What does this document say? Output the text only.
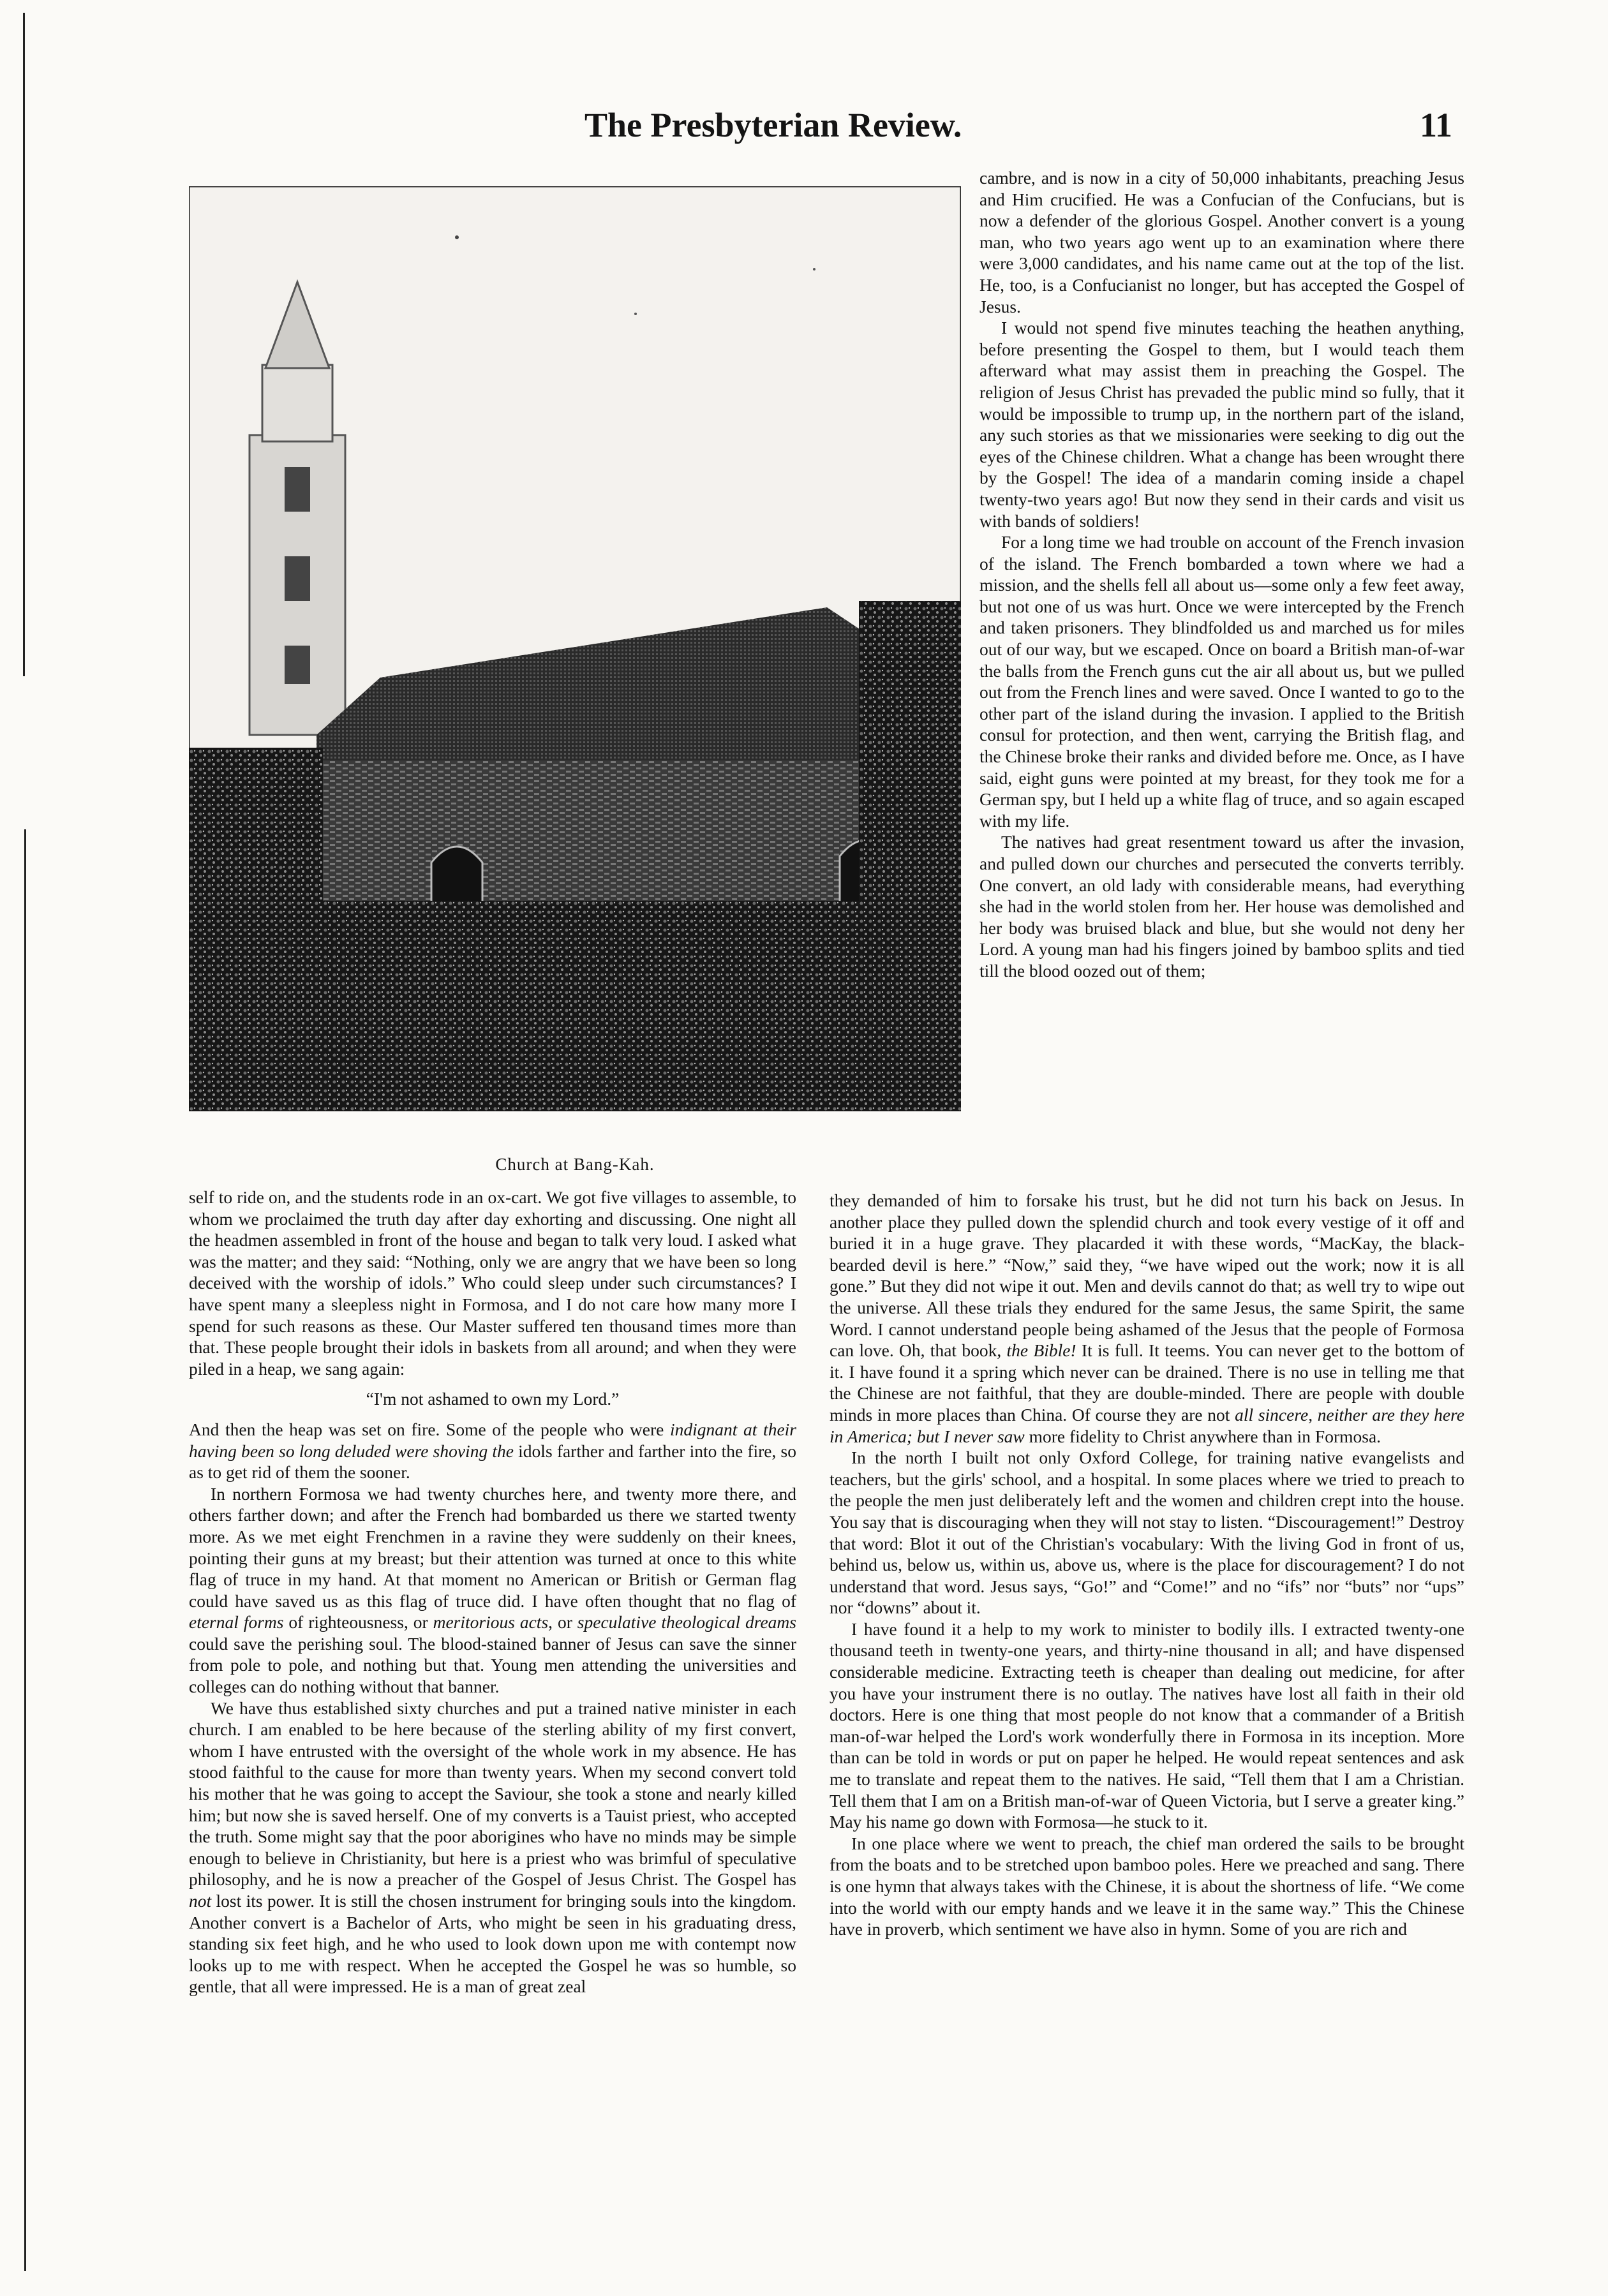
The Presbyterian Review.	11
Church at Bang-Kah.

cambre, and is now in a city of 50,000 inhabitants, preaching Jesus and Him crucified. He was a Confucian of the Confucians, but is now a defender of the glorious Gospel. Another convert is a young man, who two years ago went up to an examination where there were 3,000 candidates, and his name came out at the top of the list. He, too, is a Confucianist no longer, but has accepted the Gospel of Jesus.

I would not spend five minutes teaching the heathen anything, before presenting the Gospel to them, but I would teach them afterward what may assist them in preaching the Gospel. The religion of Jesus Christ has prevaded the public mind so fully, that it would be impossible to trump up, in the northern part of the island, any such stories as that we missionaries were seeking to dig out the eyes of the Chinese children. What a change has been wrought there by the Gospel! The idea of a mandarin coming inside a chapel twenty-two years ago! But now they send in their cards and visit us with bands of soldiers!

For a long time we had trouble on account of the French invasion of the island. The French bombarded a town where we had a mission, and the shells fell all about us—some only a few feet away, but not one of us was hurt. Once we were intercepted by the French and taken prisoners. They blindfolded us and marched us for miles out of our way, but we escaped. Once on board a British man-of-war the balls from the French guns cut the air all about us, but we pulled out from the French lines and were saved. Once I wanted to go to the other part of the island during the invasion. I applied to the British consul for protection, and then went, carrying the British flag, and the Chinese broke their ranks and divided before me. Once, as I have said, eight guns were pointed at my breast, for they took me for a German spy, but I held up a white flag of truce, and so again escaped with my life.

The natives had great resentment toward us after the invasion, and pulled down our churches and persecuted the converts terribly. One convert, an old lady with considerable means, had everything she had in the world stolen from her. Her house was demolished and her body was bruised black and blue, but she would not deny her Lord. A young man had his fingers joined by bamboo splits and tied till the blood oozed out of them;

self to ride on, and the students rode in an ox-cart. We got five villages to assemble, to whom we proclaimed the truth day after day exhorting and discussing. One night all the headmen assembled in front of the house and began to talk very loud. I asked what was the matter; and they said: “Nothing, only we are angry that we have been so long deceived with the worship of idols.” Who could sleep under such circumstances? I have spent many a sleepless night in Formosa, and I do not care how many more I spend for such reasons as these. Our Master suffered ten thousand times more than that. These people brought their idols in baskets from all around; and when they were piled in a heap, we sang again:

“I'm not ashamed to own my Lord.”

And then the heap was set on fire. Some of the people who were indignant at their having been so long deluded were shoving the idols farther and farther into the fire, so as to get rid of them the sooner.

In northern Formosa we had twenty churches here, and twenty more there, and others farther down; and after the French had bombarded us there we started twenty more. As we met eight Frenchmen in a ravine they were suddenly on their knees, pointing their guns at my breast; but their attention was turned at once to this white flag of truce in my hand. At that moment no American or British or German flag could have saved us as this flag of truce did. I have often thought that no flag of eternal forms of righteousness, or meritorious acts, or speculative theological dreams could save the perishing soul. The blood-stained banner of Jesus can save the sinner from pole to pole, and nothing but that. Young men attending the universities and colleges can do nothing without that banner.

We have thus established sixty churches and put a trained native minister in each church. I am enabled to be here because of the sterling ability of my first convert, whom I have entrusted with the oversight of the whole work in my absence. He has stood faithful to the cause for more than twenty years. When my second convert told his mother that he was going to accept the Saviour, she took a stone and nearly killed him; but now she is saved herself. One of my converts is a Tauist priest, who accepted the truth. Some might say that the poor aborigines who have no minds may be simple enough to believe in Christianity, but here is a priest who was brimful of speculative philosophy, and he is now a preacher of the Gospel of Jesus Christ. The Gospel has not lost its power. It is still the chosen instrument for bringing souls into the kingdom. Another convert is a Bachelor of Arts, who might be seen in his graduating dress, standing six feet high, and he who used to look down upon me with contempt now looks up to me with respect. When he accepted the Gospel he was so humble, so gentle, that all were impressed. He is a man of great zeal

they demanded of him to forsake his trust, but he did not turn his back on Jesus. In another place they pulled down the splendid church and took every vestige of it off and buried it in a huge grave. They placarded it with these words, “MacKay, the black-bearded devil is here.” “Now,” said they, “we have wiped out the work; now it is all gone.” But they did not wipe it out. Men and devils cannot do that; as well try to wipe out the universe. All these trials they endured for the same Jesus, the same Spirit, the same Word. I cannot understand people being ashamed of the Jesus that the people of Formosa can love. Oh, that book, the Bible! It is full. It teems. You can never get to the bottom of it. I have found it a spring which never can be drained. There is no use in telling me that the Chinese are not faithful, that they are double-minded. There are people with double minds in more places than China. Of course they are not all sincere, neither are they here in America; but I never saw more fidelity to Christ anywhere than in Formosa.

In the north I built not only Oxford College, for training native evangelists and teachers, but the girls' school, and a hospital. In some places where we tried to preach to the people the men just deliberately left and the women and children crept into the house. You say that is discouraging when they will not stay to listen. “Discouragement!” Destroy that word: Blot it out of the Christian's vocabulary: With the living God in front of us, behind us, below us, within us, above us, where is the place for discouragement? I do not understand that word. Jesus says, “Go!” and “Come!” and no “ifs” nor “buts” nor “ups” nor “downs” about it.

I have found it a help to my work to minister to bodily ills. I extracted twenty-one thousand teeth in twenty-one years, and thirty-nine thousand in all; and have dispensed considerable medicine. Extracting teeth is cheaper than dealing out medicine, for after you have your instrument there is no outlay. The natives have lost all faith in their old doctors. Here is one thing that most people do not know that a commander of a British man-of-war helped the Lord's work wonderfully there in Formosa in its inception. More than can be told in words or put on paper he helped. He would repeat sentences and ask me to translate and repeat them to the natives. He said, “Tell them that I am a Christian. Tell them that I am on a British man-of-war of Queen Victoria, but I serve a greater king.” May his name go down with Formosa—he stuck to it.

In one place where we went to preach, the chief man ordered the sails to be brought from the boats and to be stretched upon bamboo poles. Here we preached and sang. There is one hymn that always takes with the Chinese, it is about the shortness of life. “We come into the world with our empty hands and we leave it in the same way.” This the Chinese have in proverb, which sentiment we have also in hymn. Some of you are rich and
